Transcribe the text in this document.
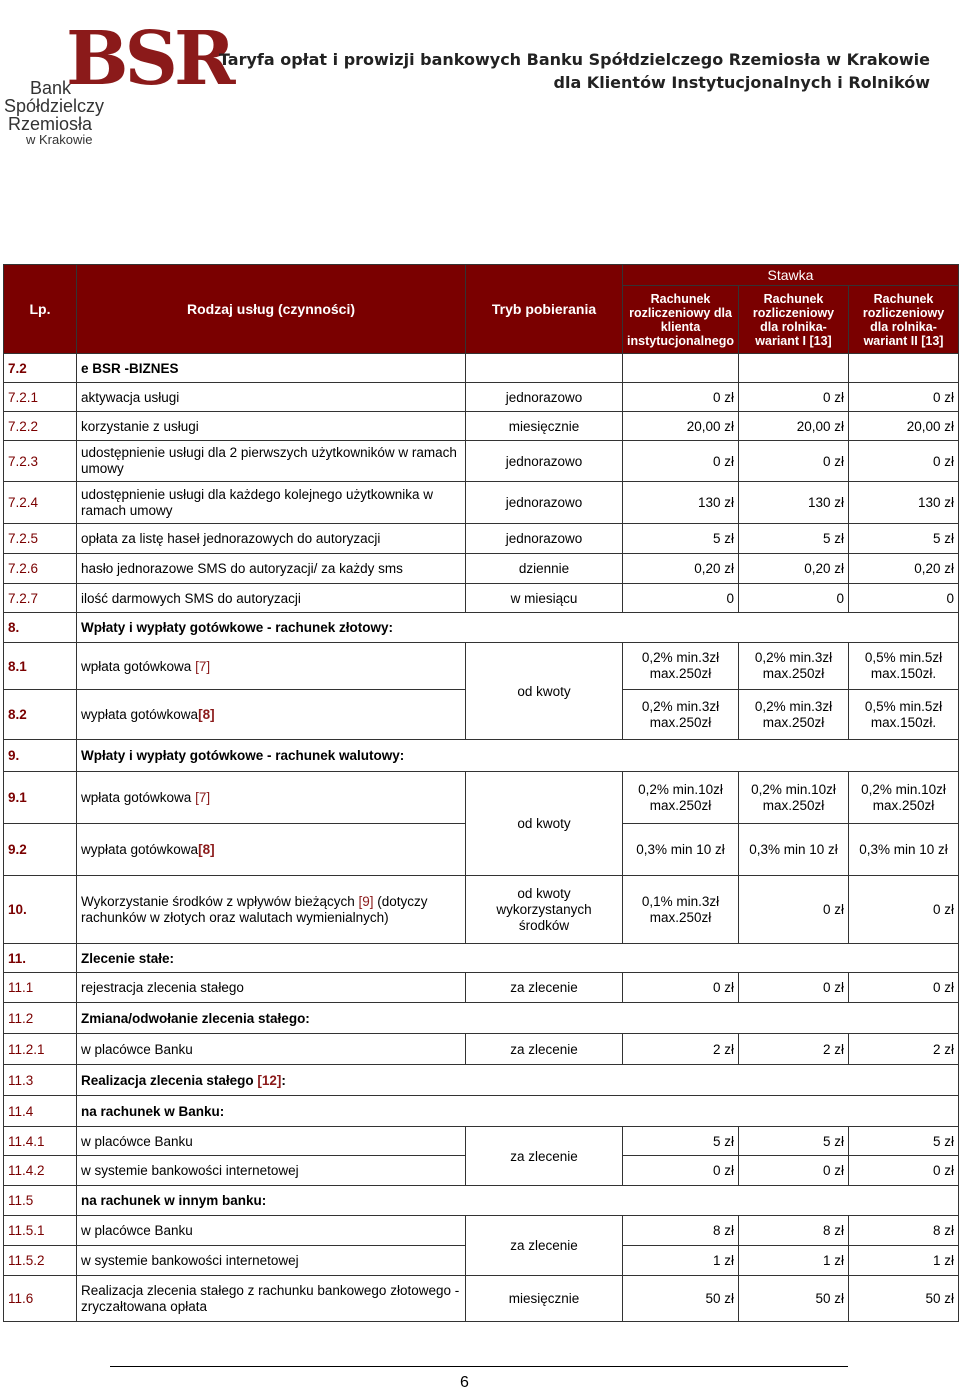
BSR
Bank
Spółdzielczy
Rzemiosła
w Krakowie
Taryfa opłat i prowizji bankowych Banku Spółdzielczego Rzemiosła w Krakowie
dla Klientów Instytucjonalnych i Rolników
Lp.	Rodzaj usług (czynności)	Tryb pobierania	Stawka		
			Rachunek rozliczeniowy dla klienta instytucjonalnego	Rachunek rozliczeniowy dla rolnika-wariant I [13]	Rachunek rozliczeniowy dla rolnika-wariant II [13]
7.2	e BSR -BIZNES				
7.2.1	aktywacja usługi	jednorazowo	0 zł	0 zł	0 zł
7.2.2	korzystanie z usługi	miesięcznie	20,00 zł	20,00 zł	20,00 zł
7.2.3	udostępnienie usługi dla 2 pierwszych użytkowników w ramach umowy	jednorazowo	0 zł	0 zł	0 zł
7.2.4	udostępnienie usługi dla każdego kolejnego użytkownika w ramach umowy	jednorazowo	130 zł	130 zł	130 zł
7.2.5	opłata za listę haseł jednorazowych do autoryzacji	jednorazowo	5 zł	5 zł	5 zł
7.2.6	hasło jednorazowe SMS do autoryzacji/ za każdy sms	dziennie	0,20 zł	0,20 zł	0,20 zł
7.2.7	ilość darmowych SMS do autoryzacji	w miesiącu	0	0	0
8.	Wpłaty i wypłaty gotówkowe - rachunek złotowy:				
8.1	wpłata gotówkowa [7]	od kwoty	0,2% min.3zł max.250zł	0,2% min.3zł max.250zł	0,5% min.5zł max.150zł.
8.2	wypłata gotówkowa[8]		0,2% min.3zł max.250zł	0,2% min.3zł max.250zł	0,5% min.5zł max.150zł.
9.	Wpłaty i wypłaty gotówkowe - rachunek walutowy:				
9.1	wpłata gotówkowa [7]	od kwoty	0,2% min.10zł max.250zł	0,2% min.10zł max.250zł	0,2% min.10zł max.250zł
9.2	wypłata gotówkowa[8]		0,3% min 10 zł	0,3% min 10 zł	0,3% min 10 zł
10.	Wykorzystanie środków z wpływów bieżących [9] (dotyczy rachunków w złotych oraz walutach wymienialnych)	od kwoty wykorzystanych środków	0,1% min.3zł max.250zł	0 zł	0 zł
11.	Zlecenie stałe:				
11.1	rejestracja zlecenia stałego	za zlecenie	0 zł	0 zł	0 zł
11.2	Zmiana/odwołanie zlecenia stałego:				
11.2.1	w placówce Banku	za zlecenie	2 zł	2 zł	2 zł
11.3	Realizacja zlecenia stałego [12]:				
11.4	na rachunek w Banku:				
11.4.1	w placówce Banku	za zlecenie	5 zł	5 zł	5 zł
11.4.2	w systemie bankowości internetowej		0 zł	0 zł	0 zł
11.5	na rachunek w innym banku:				
11.5.1	w placówce Banku	za zlecenie	8 zł	8 zł	8 zł
11.5.2	w systemie bankowości internetowej		1 zł	1 zł	1 zł
11.6	Realizacja zlecenia stałego z rachunku bankowego złotowego - zryczałtowana opłata	miesięcznie	50 zł	50 zł	50 zł
6
